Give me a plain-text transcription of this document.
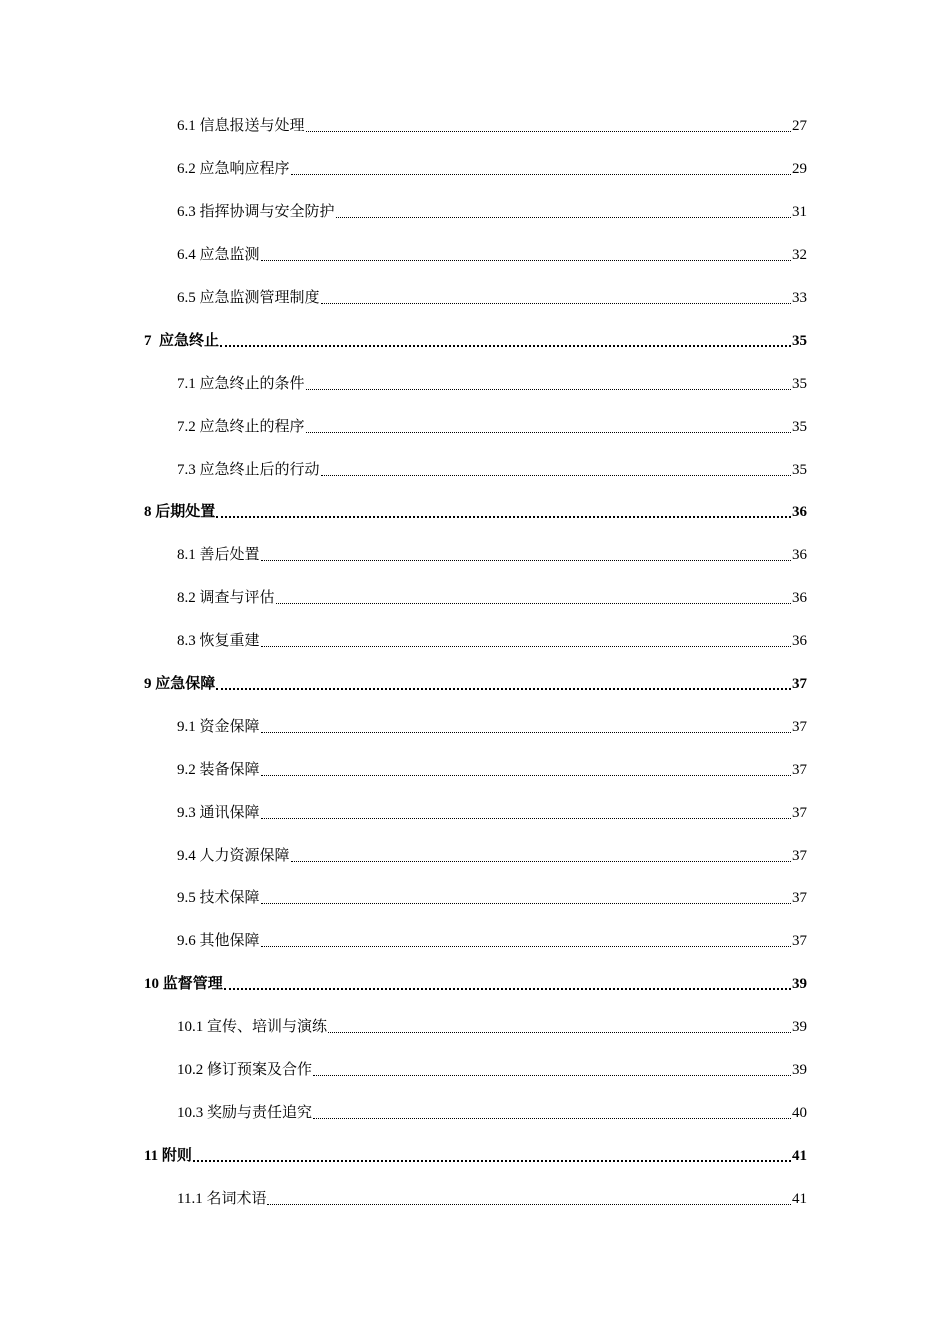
6.1 信息报送与处理	27
6.2 应急响应程序	29
6.3 指挥协调与安全防护	31
6.4 应急监测	32
6.5 应急监测管理制度	33
7  应急终止	35
7.1 应急终止的条件	35
7.2 应急终止的程序	35
7.3 应急终止后的行动	35
8 后期处置	36
8.1 善后处置	36
8.2 调查与评估	36
8.3 恢复重建	36
9 应急保障	37
9.1 资金保障	37
9.2 装备保障	37
9.3 通讯保障	37
9.4 人力资源保障	37
9.5 技术保障	37
9.6 其他保障	37
10 监督管理	39
10.1 宣传、培训与演练	39
10.2 修订预案及合作	39
10.3 奖励与责任追究	40
11 附则	41
11.1 名词术语	41
